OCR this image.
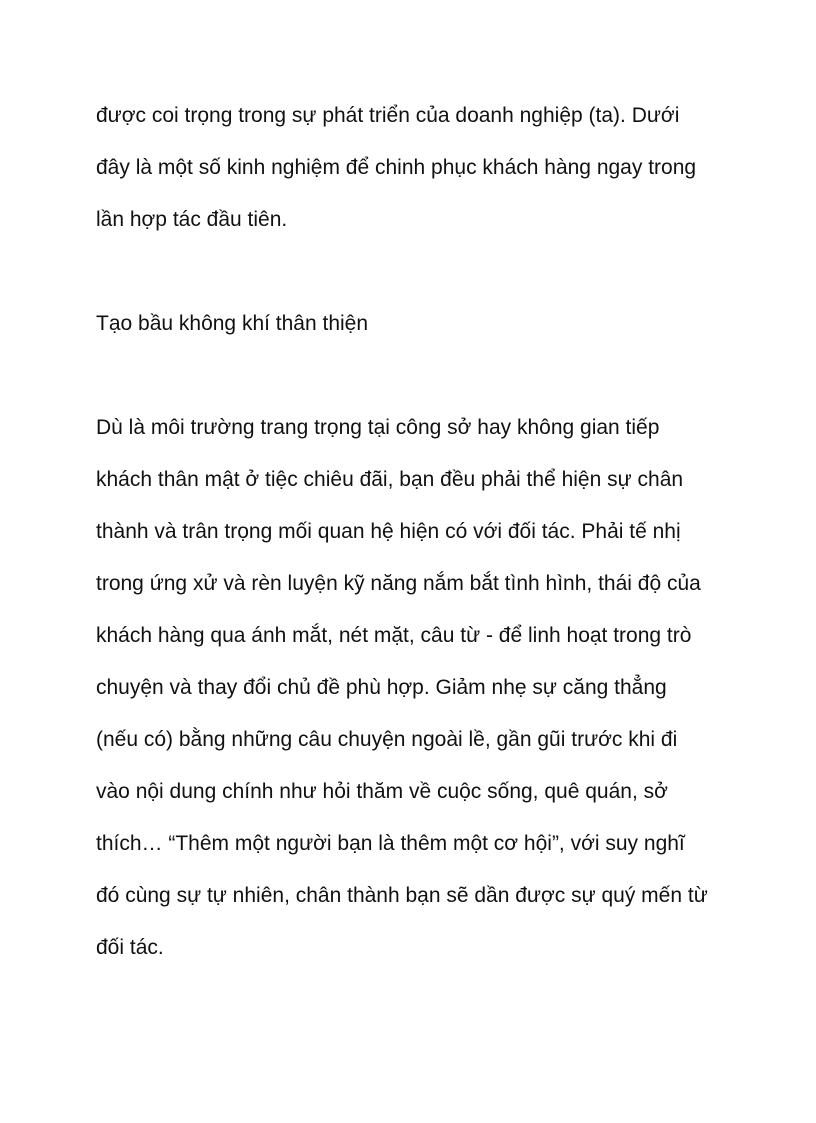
được coi trọng trong sự phát triển của doanh nghiệp (ta). Dưới

đây là một số kinh nghiệm để chinh phục khách hàng ngay trong

lần hợp tác đầu tiên.

Tạo bầu không khí thân thiện

Dù là môi trường trang trọng tại công sở hay không gian tiếp

khách thân mật ở tiệc chiêu đãi, bạn đều phải thể hiện sự chân

thành và trân trọng mối quan hệ hiện có với đối tác. Phải tế nhị

trong ứng xử và rèn luyện kỹ năng nắm bắt tình hình, thái độ của

khách hàng qua ánh mắt, nét mặt, câu từ - để linh hoạt trong trò

chuyện và thay đổi chủ đề phù hợp. Giảm nhẹ sự căng thẳng

(nếu có) bằng những câu chuyện ngoài lề, gần gũi trước khi đi

vào nội dung chính như hỏi thăm về cuộc sống, quê quán, sở

thích… “Thêm một người bạn là thêm một cơ hội”, với suy nghĩ

đó cùng sự tự nhiên, chân thành bạn sẽ dần được sự quý mến từ

đối tác.
